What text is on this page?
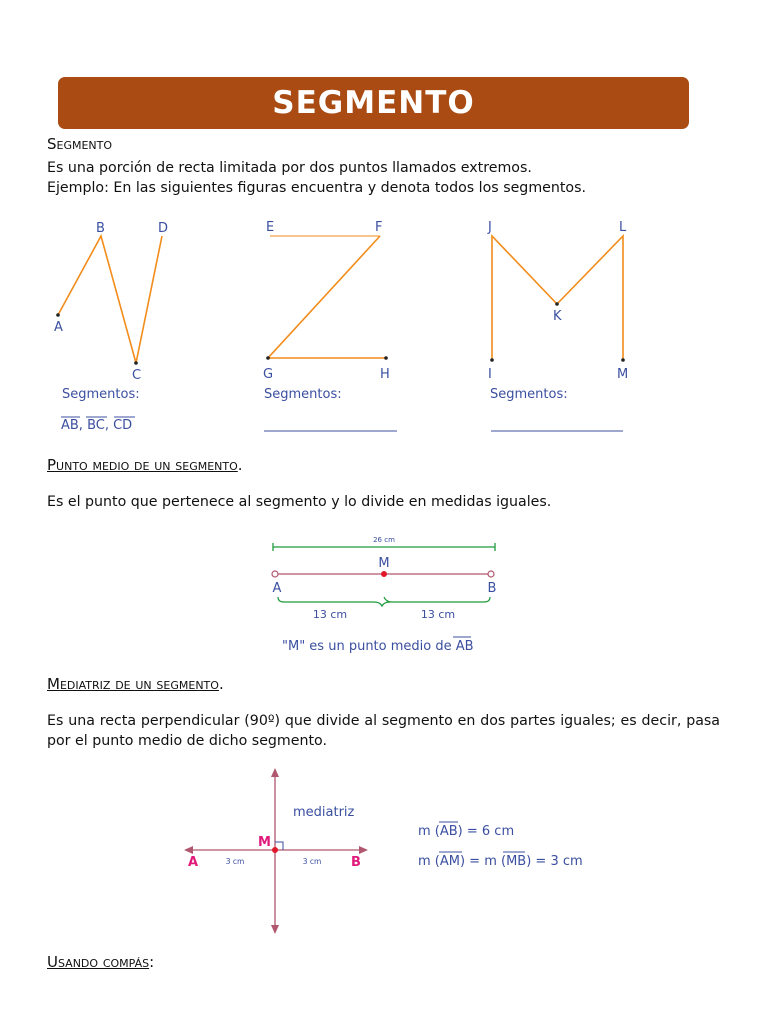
SEGMENTO
Segmento
Es una porción de recta limitada por dos puntos llamados extremos.
Ejemplo: En las siguientes figuras encuentra y denota todos los segmentos.
A
B
C
D
Segmentos:
AB, BC, CD
E	F
G	H
Segmentos:
J	L
K
I	M
Segmentos:
Punto medio de un segmento.
Es el punto que pertenece al segmento y lo divide en medidas iguales.
26 cm
M
A	B
13 cm	13 cm
"M" es un punto medio de AB
Mediatriz de un segmento.
Es una recta perpendicular (90º) que divide al segmento en dos partes iguales; es decir, pasa por el punto medio de dicho segmento.
M
A	B
3 cm	3 cm
mediatriz
m (AB) = 6 cm
m (AM) = m (MB) = 3 cm
Usando compás:
